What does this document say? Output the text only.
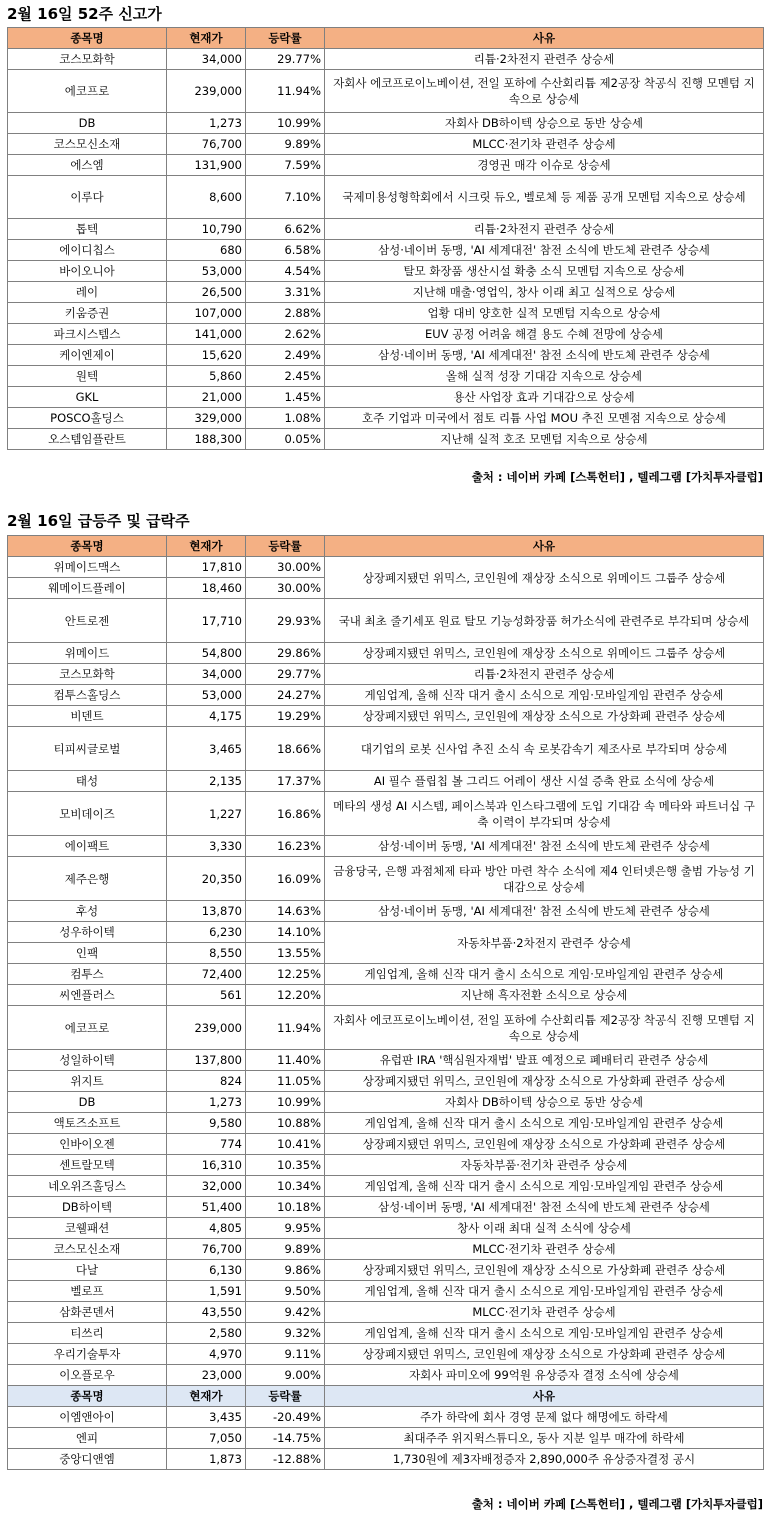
2월 16일 52주 신고가
종목명	현재가	등락률	사유
코스모화학	34,000	29.77%	리튬·2차전지 관련주 상승세
에코프로	239,000	11.94%	자회사 에코프로이노베이션, 전일 포하에 수산회리튬 제2공장 착공식 진행 모멘텀 지속으로 상승세
DB	1,273	10.99%	자회사 DB하이텍 상승으로 동반 상승세
코스모신소재	76,700	9.89%	MLCC·전기차 관련주 상승세
에스엠	131,900	7.59%	경영권 매각 이슈로 상승세
이루다	8,600	7.10%	국제미용성형학회에서 시크릿 듀오, 벨로체 등 제품 공개 모멘텀 지속으로 상승세
톱텍	10,790	6.62%	리튬·2차전지 관련주 상승세
에이디칩스	680	6.58%	삼성·네이버 동맹, 'AI 세계대전' 참전 소식에 반도체 관련주 상승세
바이오니아	53,000	4.54%	탈모 화장품 생산시설 확충 소식 모멘텀 지속으로 상승세
레이	26,500	3.31%	지난해 매출·영업익, 창사 이래 최고 실적으로 상승세
키움증권	107,000	2.88%	업황 대비 양호한 실적 모멘텀 지속으로 상승세
파크시스템스	141,000	2.62%	EUV 공정 어려움 해결 용도 수혜 전망에 상승세
케이엔제이	15,620	2.49%	삼성·네이버 동맹, 'AI 세계대전' 참전 소식에 반도체 관련주 상승세
원텍	5,860	2.45%	올해 실적 성장 기대감 지속으로 상승세
GKL	21,000	1.45%	용산 사업장 효과 기대감으로 상승세
POSCO홀딩스	329,000	1.08%	호주 기업과 미국에서 점토 리튬 사업 MOU 추진 모멘점 지속으로 상승세
오스템임플란트	188,300	0.05%	지난해 실적 호조 모멘텀 지속으로 상승세
출처 : 네이버 카페 [스톡헌터] , 텔레그램 [가치투자클럽]
2월 16일 급등주 및 급락주
종목명	현재가	등락률	사유
위메이드맥스	17,810	30.00%	상장폐지됐던 위믹스, 코인원에 재상장 소식으로 위메이드 그룹주 상승세
웨메이드플레이	18,460	30.00%	
안트로젠	17,710	29.93%	국내 최초 줄기세포 원료 탈모 기능성화장품 허가소식에 관련주로 부각되며 상승세
위메이드	54,800	29.86%	상장폐지됐던 위믹스, 코인원에 재상장 소식으로 위메이드 그룹주 상승세
코스모화학	34,000	29.77%	리튬·2차전지 관련주 상승세
컴투스홀딩스	53,000	24.27%	게임업계, 올해 신작 대거 출시 소식으로 게임·모바일게임 관련주 상승세
비덴트	4,175	19.29%	상장폐지됐던 위믹스, 코인원에 재상장 소식으로 가상화폐 관련주 상승세
티피씨글로벌	3,465	18.66%	대기업의 로봇 신사업 추진 소식 속 로봇감속기 제조사로 부각되며 상승세
태성	2,135	17.37%	AI 필수 플립칩 볼 그리드 어레이 생산 시설 증축 완료 소식에 상승세
모비데이즈	1,227	16.86%	메타의 생성 AI 시스템, 페이스북과 인스타그램에 도입 기대감 속 메타와 파트너십 구축 이력이 부각되며 상승세
에이팩트	3,330	16.23%	삼성·네이버 동맹, 'AI 세계대전' 참전 소식에 반도체 관련주 상승세
제주은행	20,350	16.09%	금융당국, 은행 과점체제 타파 방안 마련 착수 소식에 제4 인터넷은행 출범 가능성 기대감으로 상승세
후성	13,870	14.63%	삼성·네이버 동맹, 'AI 세계대전' 참전 소식에 반도체 관련주 상승세
성우하이텍	6,230	14.10%	자동차부품·2차전지 관련주 상승세
인팩	8,550	13.55%	
컴투스	72,400	12.25%	게임업계, 올해 신작 대거 출시 소식으로 게임·모바일게임 관련주 상승세
씨엔플러스	561	12.20%	지난해 흑자전환 소식으로 상승세
에코프로	239,000	11.94%	자회사 에코프로이노베이션, 전일 포하에 수산회리튬 제2공장 착공식 진행 모멘텀 지속으로 상승세
성일하이텍	137,800	11.40%	유럽판 IRA '핵심원자재법' 발표 예정으로 폐배터리 관련주 상승세
위지트	824	11.05%	상장폐지됐던 위믹스, 코인원에 재상장 소식으로 가상화폐 관련주 상승세
DB	1,273	10.99%	자회사 DB하이텍 상승으로 동반 상승세
액토즈소프트	9,580	10.88%	게임업계, 올해 신작 대거 출시 소식으로 게임·모바일게임 관련주 상승세
인바이오젠	774	10.41%	상장폐지됐던 위믹스, 코인원에 재상장 소식으로 가상화폐 관련주 상승세
센트랄모텍	16,310	10.35%	자동차부품·전기차 관련주 상승세
네오위즈홀딩스	32,000	10.34%	게임업계, 올해 신작 대거 출시 소식으로 게임·모바일게임 관련주 상승세
DB하이텍	51,400	10.18%	삼성·네이버 동맹, 'AI 세계대전' 참전 소식에 반도체 관련주 상승세
코웰패션	4,805	9.95%	창사 이래 최대 실적 소식에 상승세
코스모신소재	76,700	9.89%	MLCC·전기차 관련주 상승세
다날	6,130	9.86%	상장폐지됐던 위믹스, 코인원에 재상장 소식으로 가상화폐 관련주 상승세
벨로프	1,591	9.50%	게임업계, 올해 신작 대거 출시 소식으로 게임·모바일게임 관련주 상승세
삼화콘덴서	43,550	9.42%	MLCC·전기차 관련주 상승세
티쓰리	2,580	9.32%	게임업계, 올해 신작 대거 출시 소식으로 게임·모바일게임 관련주 상승세
우리기술투자	4,970	9.11%	상장폐지됐던 위믹스, 코인원에 재상장 소식으로 가상화폐 관련주 상승세
이오플로우	23,000	9.00%	자회사 파미오에 99억원 유상증자 결정 소식에 상승세
종목명	현재가	등락률	사유
이엠앤아이	3,435	-20.49%	주가 하락에 회사 경영 문제 없다 해명에도 하락세
엔피	7,050	-14.75%	최대주주 위지윅스튜디오, 동사 지분 일부 매각에 하락세
중앙디앤엠	1,873	-12.88%	1,730원에 제3자배정증자 2,890,000주 유상증자결정 공시
출처 : 네이버 카페 [스톡헌터] , 텔레그램 [가치투자클럽]
